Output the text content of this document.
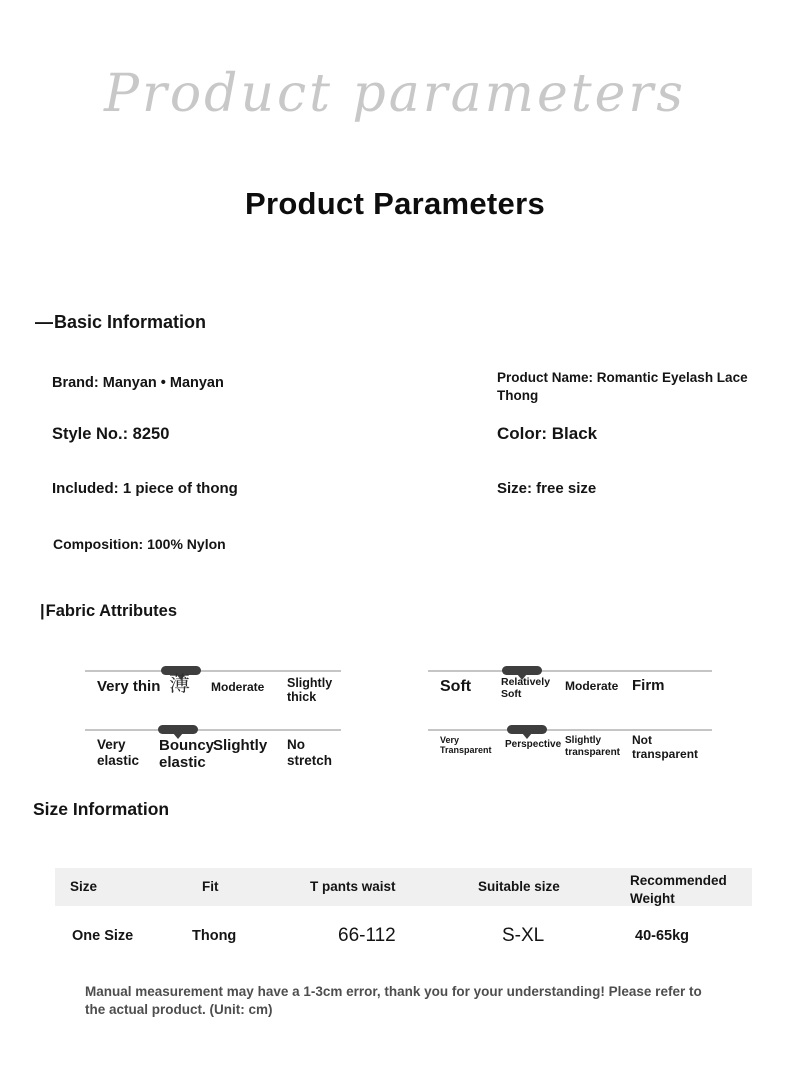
Product parameters
Product Parameters
—Basic Information
Brand: Manyan • Manyan
Style No.: 8250
Included: 1 piece of thong
Composition: 100% Nylon
Product Name: Romantic Eyelash Lace Thong
Color: Black
Size: free size
|Fabric Attributes
Very thin 薄 Moderate Slightly thick
Soft	Relatively Soft
Moderate Firm
Very elastic
Bouncy elastic
Slightly No stretch
Very Transparent
Perspective Slightly transparent
Not transparent
Size Information
Size	Fit	T pants waist	Suitable size	Recommended Weight
One Size	Thong	66-112	S-XL	40-65kg
Manual measurement may have a 1-3cm error, thank you for your understanding! Please refer to the actual product. (Unit: cm)
